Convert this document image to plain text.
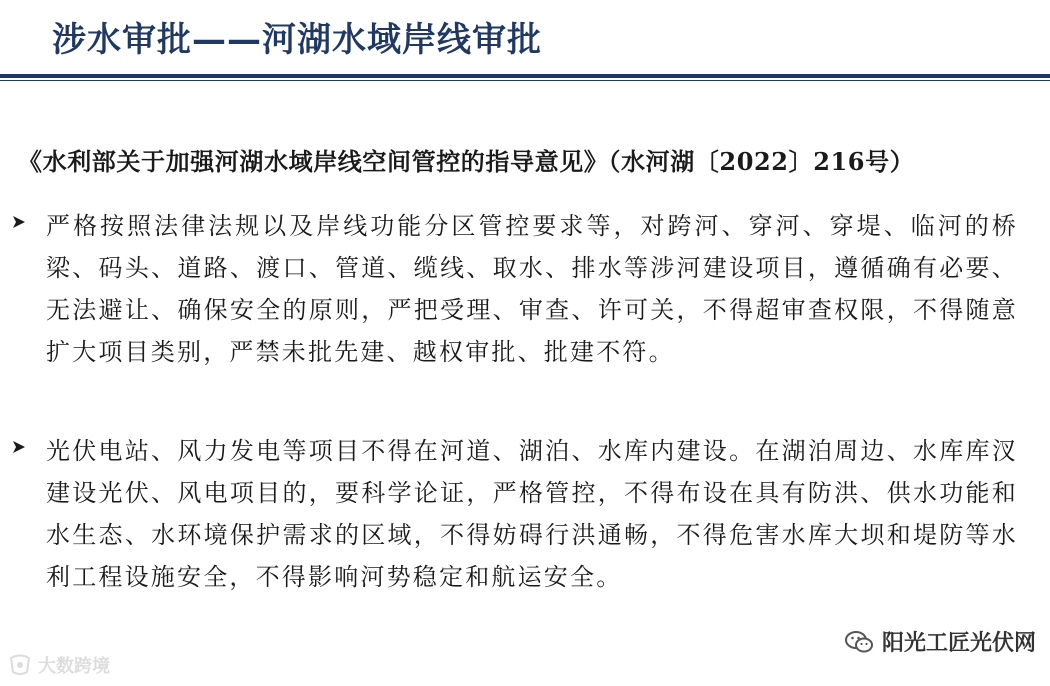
涉水审批——河湖水域岸线审批
《水利部关于加强河湖水域岸线空间管控的指导意见》（水河湖〔2022〕216号）

严格按照法律法规以及岸线功能分区管控要求等，对跨河、穿河、穿堤、临河的桥梁、码头、道路、渡口、管道、缆线、取水、排水等涉河建设项目，遵循确有必要、无法避让、确保安全的原则，严把受理、审查、许可关，不得超审查权限，不得随意扩大项目类别，严禁未批先建、越权审批、批建不符。

光伏电站、风力发电等项目不得在河道、湖泊、水库内建设。在湖泊周边、水库库汊建设光伏、风电项目的，要科学论证，严格管控，不得布设在具有防洪、供水功能和水生态、水环境保护需求的区域，不得妨碍行洪通畅，不得危害水库大坝和堤防等水利工程设施安全，不得影响河势稳定和航运安全。

大数跨境
阳光工匠光伏网
